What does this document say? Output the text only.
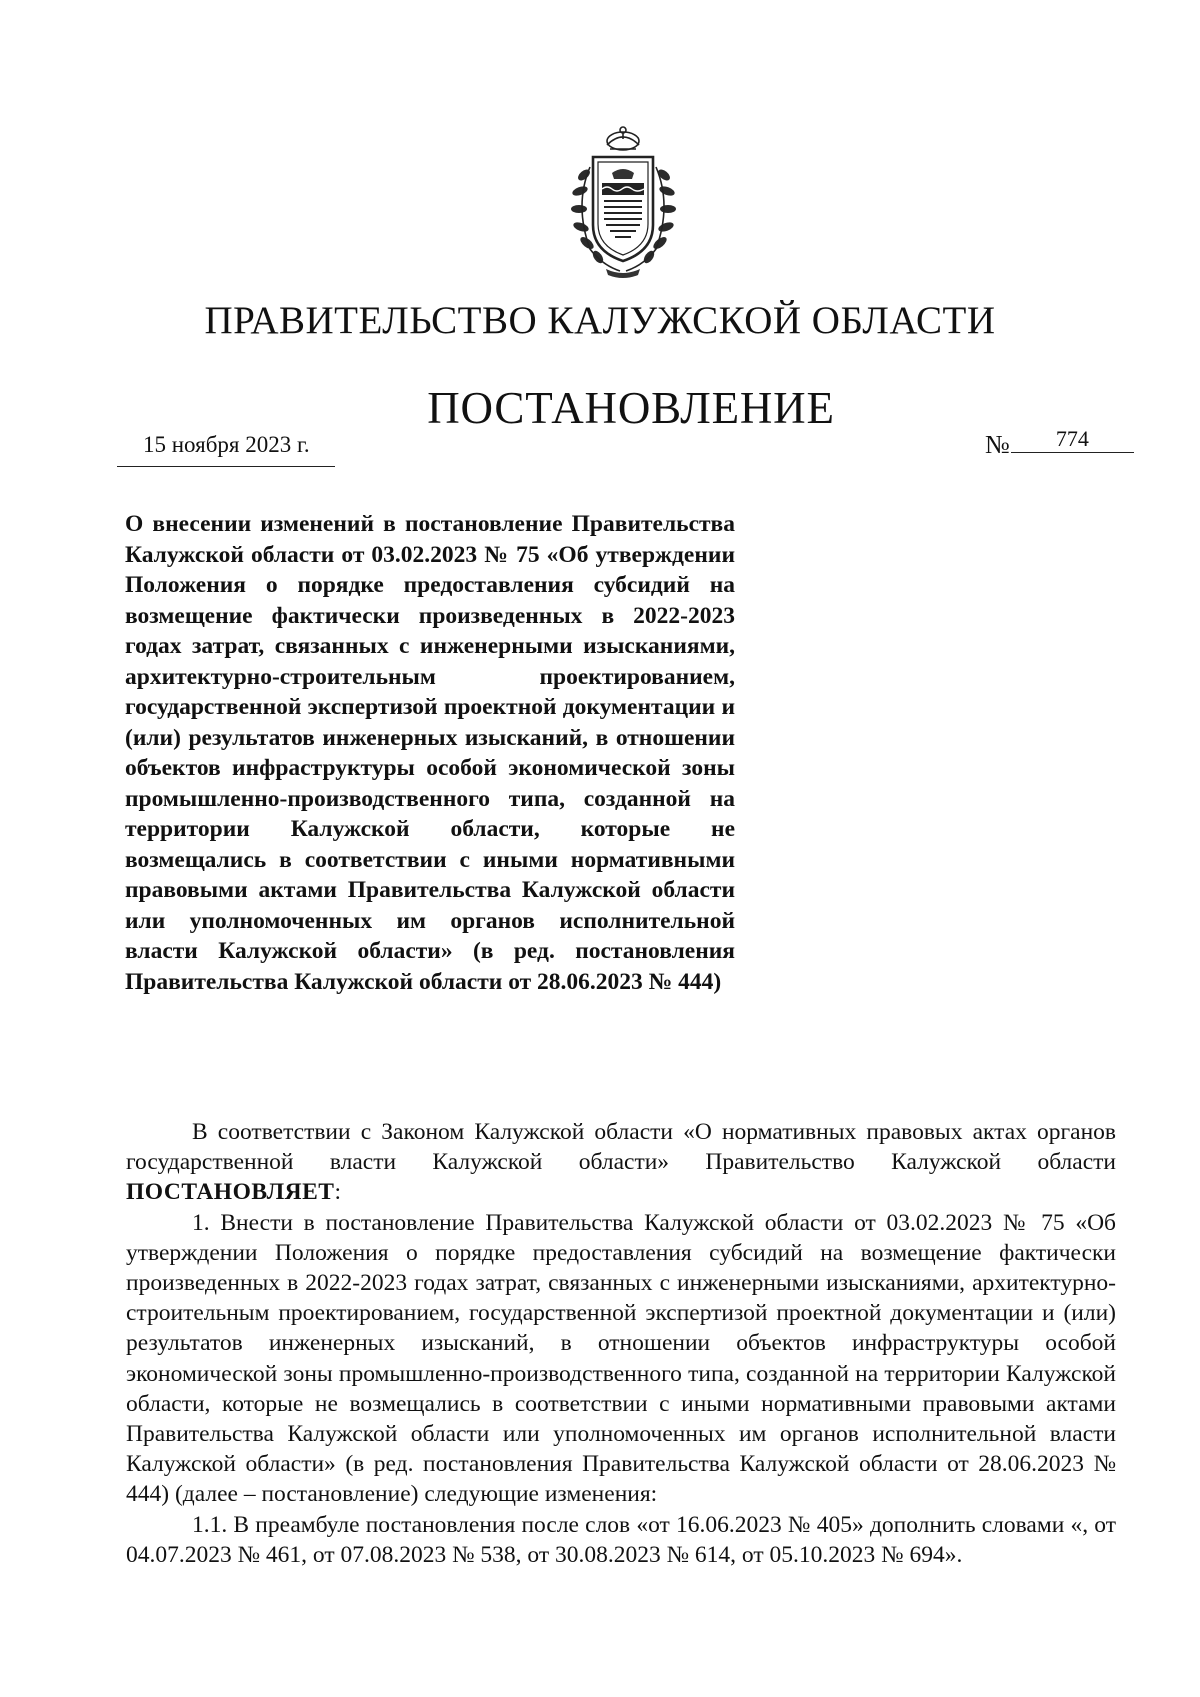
ПРАВИТЕЛЬСТВО КАЛУЖСКОЙ ОБЛАСТИ
ПОСТАНОВЛЕНИЕ
15 ноября 2023 г.	№ 774
О внесении изменений в постановление Правительства Калужской области от 03.02.2023 № 75 «Об утверждении Положения о порядке предоставления субсидий на возмещение фактически произведенных в 2022-2023 годах затрат, связанных с инженерными изысканиями, архитектурно-строительным проектированием, государственной экспертизой проектной документации и (или) результатов инженерных изысканий, в отношении объектов инфраструктуры особой экономической зоны промышленно-производственного типа, созданной на территории Калужской области, которые не возмещались в соответствии с иными нормативными правовыми актами Правительства Калужской области или уполномоченных им органов исполнительной власти Калужской области» (в ред. постановления Правительства Калужской области от 28.06.2023 № 444)

В соответствии с Законом Калужской области «О нормативных правовых актах органов государственной власти Калужской области» Правительство Калужской области ПОСТАНОВЛЯЕТ:

1. Внести в постановление Правительства Калужской области от 03.02.2023 № 75 «Об утверждении Положения о порядке предоставления субсидий на возмещение фактически произведенных в 2022-2023 годах затрат, связанных с инженерными изысканиями, архитектурно-строительным проектированием, государственной экспертизой проектной документации и (или) результатов инженерных изысканий, в отношении объектов инфраструктуры особой экономической зоны промышленно-производственного типа, созданной на территории Калужской области, которые не возмещались в соответствии с иными нормативными правовыми актами Правительства Калужской области или уполномоченных им органов исполнительной власти Калужской области» (в ред. постановления Правительства Калужской области от 28.06.2023 № 444) (далее – постановление) следующие изменения:

1.1. В преамбуле постановления после слов «от 16.06.2023 № 405» дополнить словами «, от 04.07.2023 № 461, от 07.08.2023 № 538, от 30.08.2023 № 614, от 05.10.2023 № 694».
